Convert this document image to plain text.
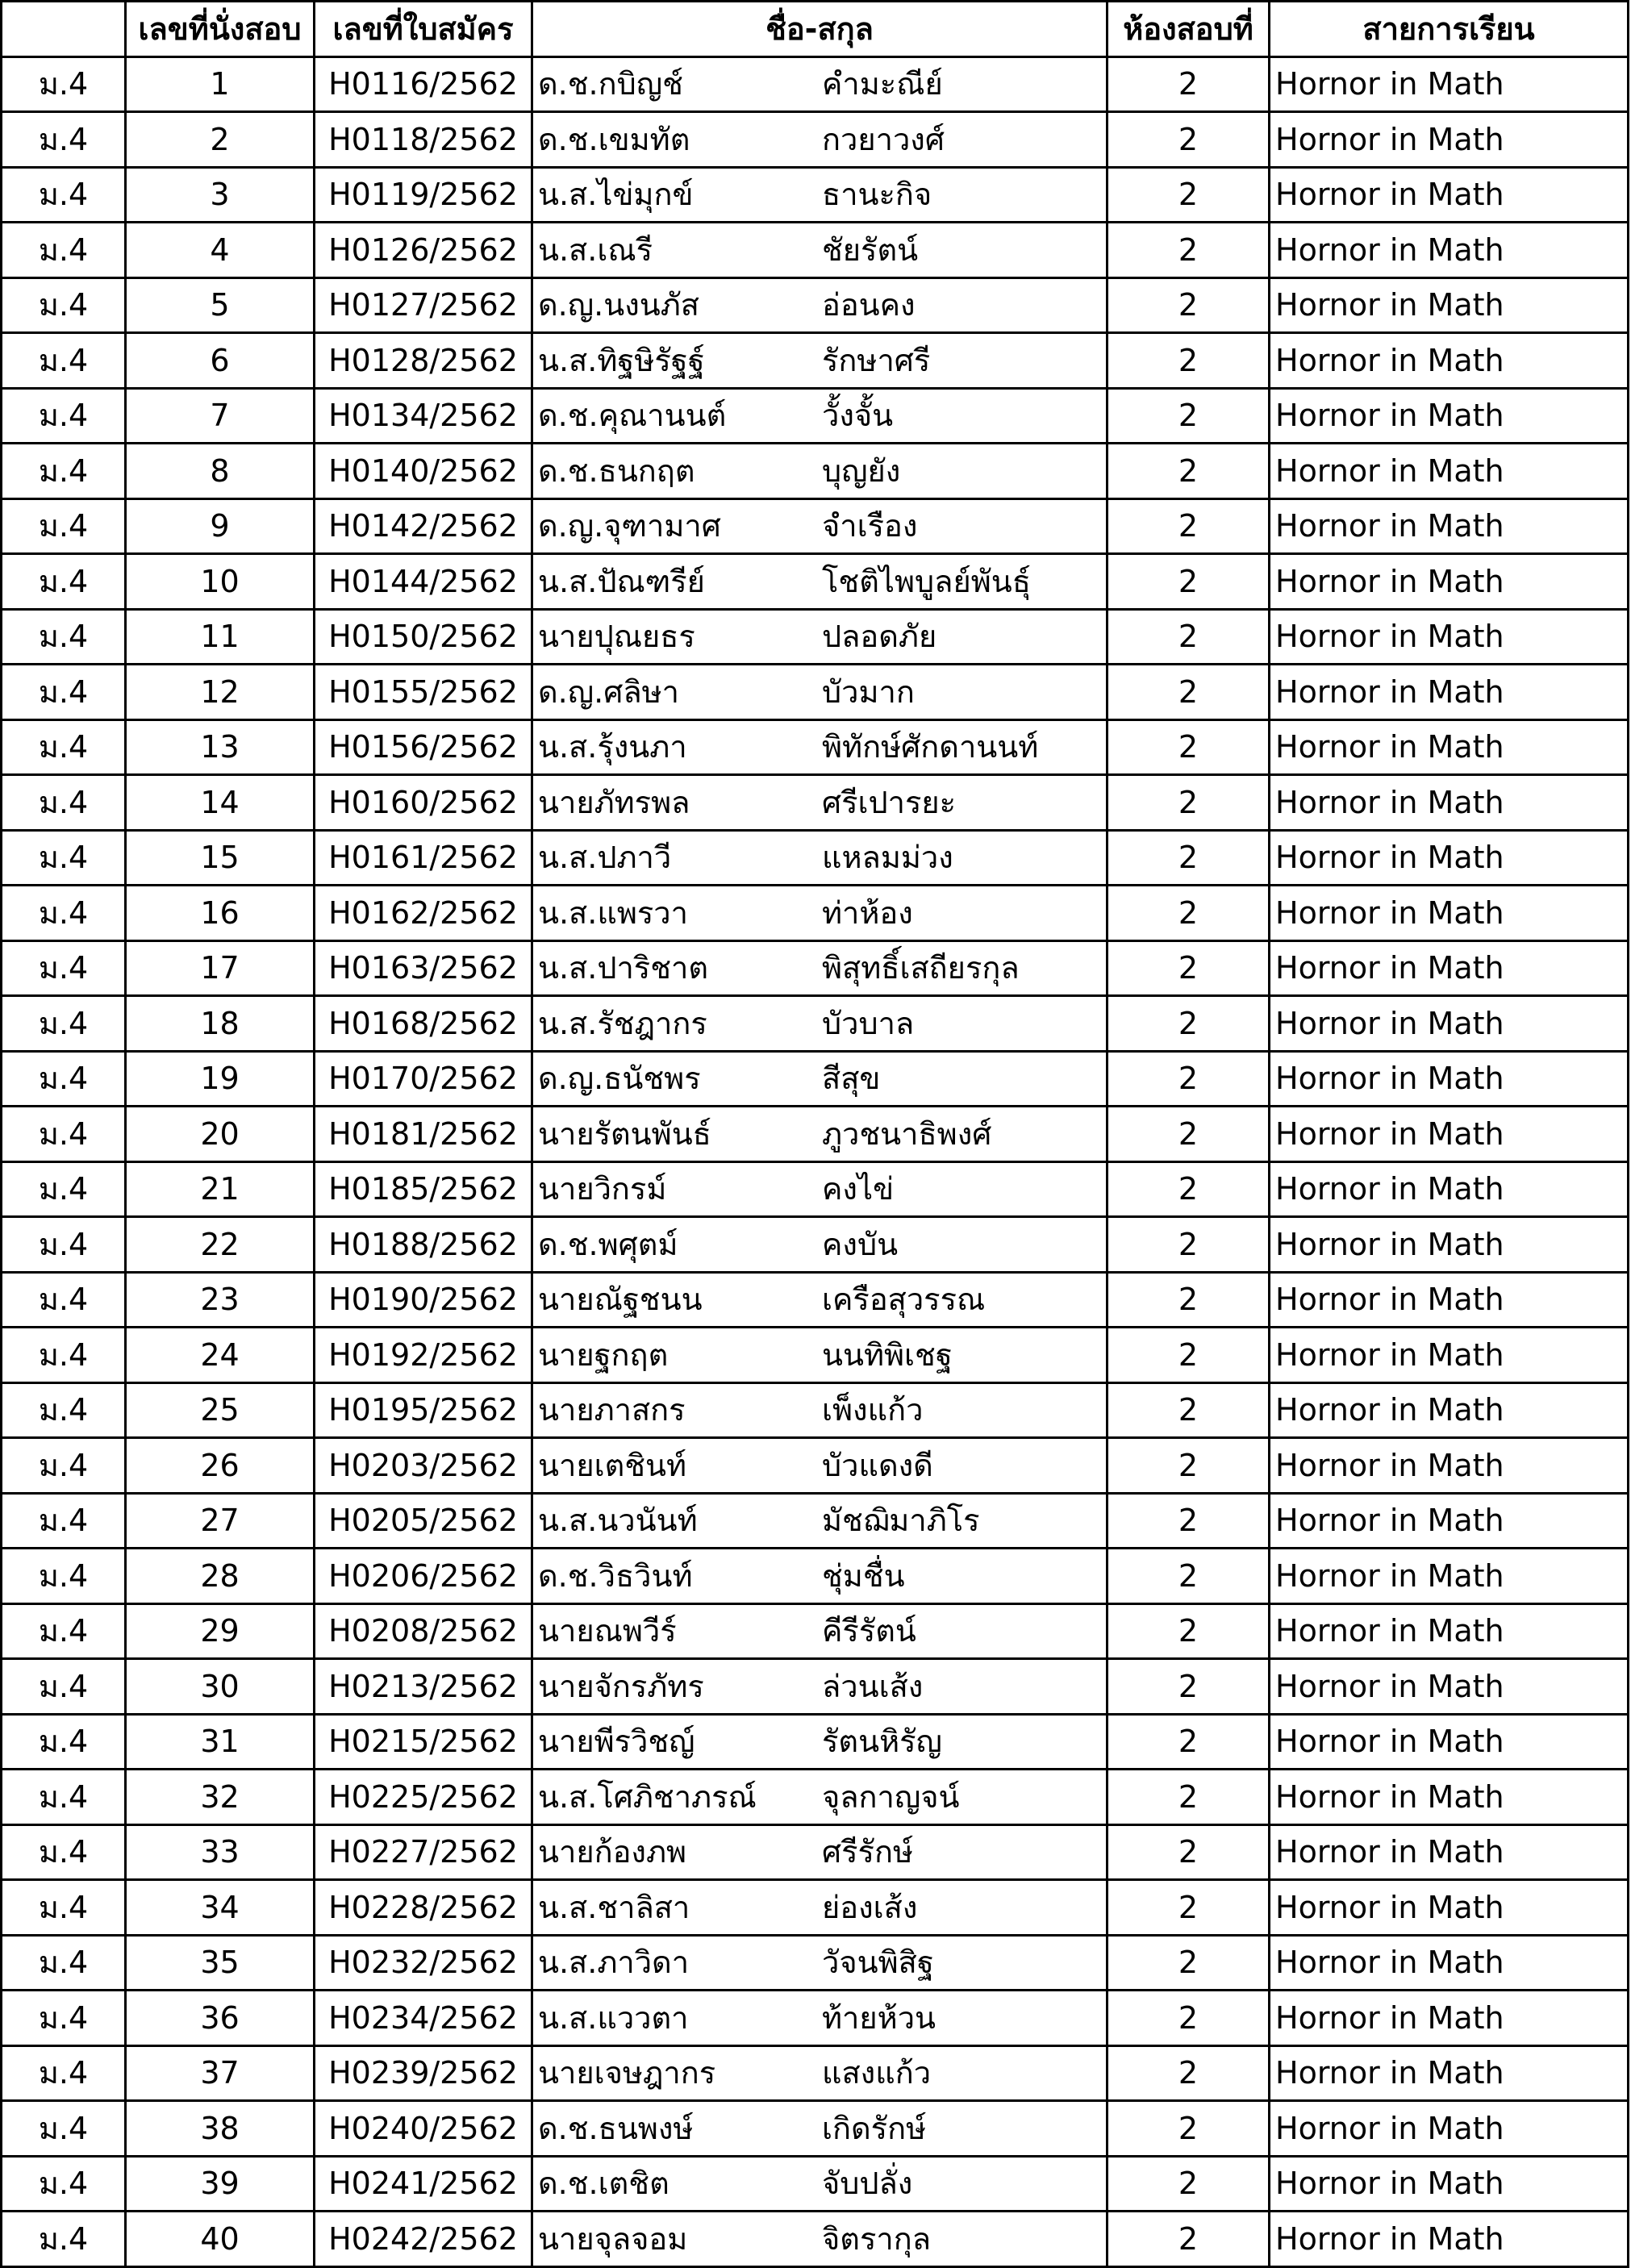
	เลขที่นั่งสอบ	เลขที่ใบสมัคร	ชื่อ-สกุล	ห้องสอบที่	สายการเรียน
ม.4	1	H0116/2562	ด.ช.กบิญช์ คำมะณีย์	2	Hornor in Math
ม.4	2	H0118/2562	ด.ช.เขมทัต กวยาวงศ์	2	Hornor in Math
ม.4	3	H0119/2562	น.ส.ไข่มุกข์ ธานะกิจ	2	Hornor in Math
ม.4	4	H0126/2562	น.ส.เณรี ชัยรัตน์	2	Hornor in Math
ม.4	5	H0127/2562	ด.ญ.นงนภัส อ่อนคง	2	Hornor in Math
ม.4	6	H0128/2562	น.ส.ทิฐษิรัฐฐ์ รักษาศรี	2	Hornor in Math
ม.4	7	H0134/2562	ด.ช.คุณานนต์ วั้งจั้น	2	Hornor in Math
ม.4	8	H0140/2562	ด.ช.ธนกฤต บุญยัง	2	Hornor in Math
ม.4	9	H0142/2562	ด.ญ.จุฑามาศ จำเรือง	2	Hornor in Math
ม.4	10	H0144/2562	น.ส.ปัณฑรีย์ โชติไพบูลย์พันธุ์	2	Hornor in Math
ม.4	11	H0150/2562	นายปุณยธร ปลอดภัย	2	Hornor in Math
ม.4	12	H0155/2562	ด.ญ.ศลิษา บัวมาก	2	Hornor in Math
ม.4	13	H0156/2562	น.ส.รุ้งนภา พิทักษ์ศักดานนท์	2	Hornor in Math
ม.4	14	H0160/2562	นายภัทรพล ศรีเปารยะ	2	Hornor in Math
ม.4	15	H0161/2562	น.ส.ปภาวี แหลมม่วง	2	Hornor in Math
ม.4	16	H0162/2562	น.ส.แพรวา ท่าห้อง	2	Hornor in Math
ม.4	17	H0163/2562	น.ส.ปาริชาต พิสุทธิ์เสถียรกุล	2	Hornor in Math
ม.4	18	H0168/2562	น.ส.รัชฎากร บัวบาล	2	Hornor in Math
ม.4	19	H0170/2562	ด.ญ.ธนัชพร สีสุข	2	Hornor in Math
ม.4	20	H0181/2562	นายรัตนพันธ์ ภูวชนาธิพงศ์	2	Hornor in Math
ม.4	21	H0185/2562	นายวิกรม์ คงไข่	2	Hornor in Math
ม.4	22	H0188/2562	ด.ช.พศุตม์ คงบัน	2	Hornor in Math
ม.4	23	H0190/2562	นายณัฐชนน เครือสุวรรณ	2	Hornor in Math
ม.4	24	H0192/2562	นายฐกฤต นนทิพิเชฐ	2	Hornor in Math
ม.4	25	H0195/2562	นายภาสกร เพ็งแก้ว	2	Hornor in Math
ม.4	26	H0203/2562	นายเตชินท์ บัวแดงดี	2	Hornor in Math
ม.4	27	H0205/2562	น.ส.นวนันท์ มัชฌิมาภิโร	2	Hornor in Math
ม.4	28	H0206/2562	ด.ช.วิธวินท์ ชุ่มชื่น	2	Hornor in Math
ม.4	29	H0208/2562	นายณพวีร์ คีรีรัตน์	2	Hornor in Math
ม.4	30	H0213/2562	นายจักรภัทร ล่วนเส้ง	2	Hornor in Math
ม.4	31	H0215/2562	นายพีรวิชญ์ รัตนหิรัญ	2	Hornor in Math
ม.4	32	H0225/2562	น.ส.โศภิชาภรณ์ จุลกาญจน์	2	Hornor in Math
ม.4	33	H0227/2562	นายก้องภพ ศรีรักษ์	2	Hornor in Math
ม.4	34	H0228/2562	น.ส.ชาลิสา ย่องเส้ง	2	Hornor in Math
ม.4	35	H0232/2562	น.ส.ภาวิดา วัจนพิสิฐ	2	Hornor in Math
ม.4	36	H0234/2562	น.ส.แววตา ท้ายห้วน	2	Hornor in Math
ม.4	37	H0239/2562	นายเจษฎากร แสงแก้ว	2	Hornor in Math
ม.4	38	H0240/2562	ด.ช.ธนพงษ์ เกิดรักษ์	2	Hornor in Math
ม.4	39	H0241/2562	ด.ช.เตชิต จับปลั่ง	2	Hornor in Math
ม.4	40	H0242/2562	นายจุลจอม จิตรากุล	2	Hornor in Math
